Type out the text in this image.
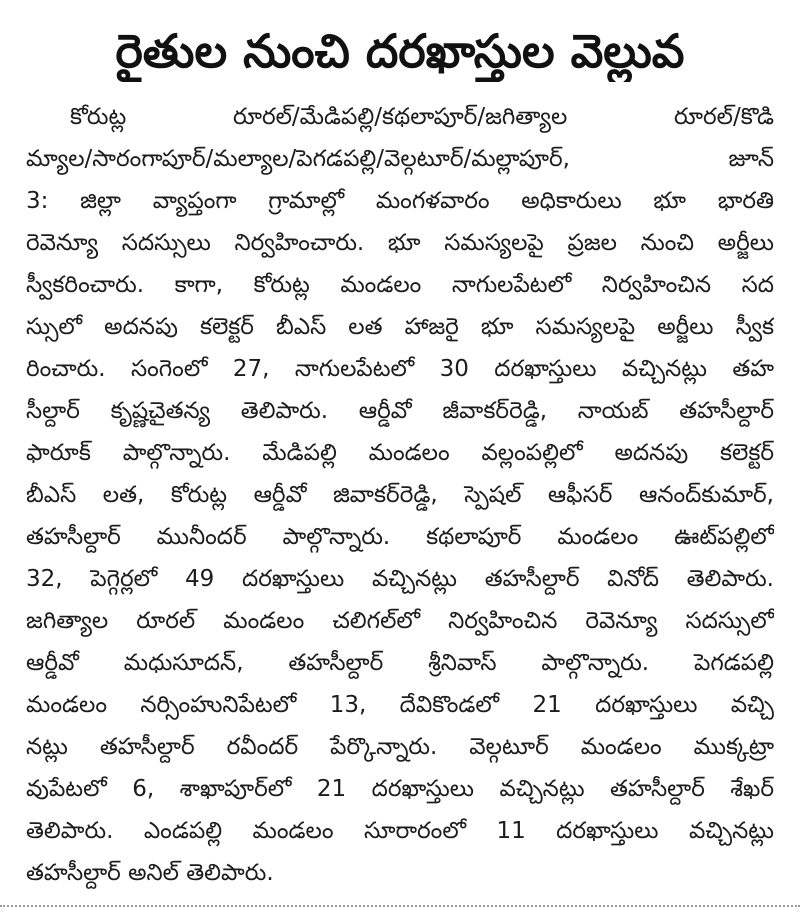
రైతుల నుంచి దరఖాస్తుల వెల్లువ
కోరుట్ల రూరల్/మేడిపల్లి/కథలాపూర్/జగిత్యాల రూరల్/కొడి
మ్యాల/సారంగాపూర్/మల్యాల/పెగడపల్లి/వెల్గటూర్/మల్లాపూర్, జూన్
3: జిల్లా వ్యాప్తంగా గ్రామాల్లో మంగళవారం అధికారులు భూ భారతి
రెవెన్యూ సదస్సులు నిర్వహించారు. భూ సమస్యలపై ప్రజల నుంచి అర్జీలు
స్వీకరించారు. కాగా, కోరుట్ల మండలం నాగులపేటలో నిర్వహించిన సద
స్సులో అదనపు కలెక్టర్ బీఎస్ లత హాజరై భూ సమస్యలపై అర్జీలు స్వీక
రించారు. సంగెంలో 27, నాగులపేటలో 30 దరఖాస్తులు వచ్చినట్లు తహ
సీల్దార్ కృష్ణచైతన్య తెలిపారు. ఆర్డీవో జీవాకర్‌రెడ్డి, నాయబ్ తహసీల్దార్
ఫారూక్ పాల్గొన్నారు. మేడిపల్లి మండలం వల్లంపల్లిలో అదనపు కలెక్టర్
బీఎస్ లత, కోరుట్ల ఆర్డీవో జివాకర్‌రెడ్డి, స్పెషల్ ఆఫీసర్ ఆనంద్‌కుమార్,
తహసీల్దార్ మునీందర్ పాల్గొన్నారు. కథలాపూర్ మండలం ఊట్‌పల్లిలో
32, పెగ్గెర్లలో 49 దరఖాస్తులు వచ్చినట్లు తహసీల్దార్ వినోద్ తెలిపారు.
జగిత్యాల రూరల్ మండలం చలిగల్‌లో నిర్వహించిన రెవెన్యూ సదస్సులో
ఆర్డీవో మధుసూదన్, తహసీల్దార్ శ్రీనివాస్ పాల్గొన్నారు. పెగడపల్లి
మండలం నర్సింహునిపేటలో 13, దేవికొండలో 21 దరఖాస్తులు వచ్చి
నట్లు తహసీల్దార్ రవీందర్ పేర్కొన్నారు. వెల్గటూర్ మండలం ముక్కట్రా
వుపేటలో 6, శాఖాపూర్‌లో 21 దరఖాస్తులు వచ్చినట్లు తహసీల్దార్ శేఖర్
తెలిపారు. ఎండపల్లి మండలం సూరారంలో 11 దరఖాస్తులు వచ్చినట్లు
తహసీల్దార్ అనిల్ తెలిపారు.
